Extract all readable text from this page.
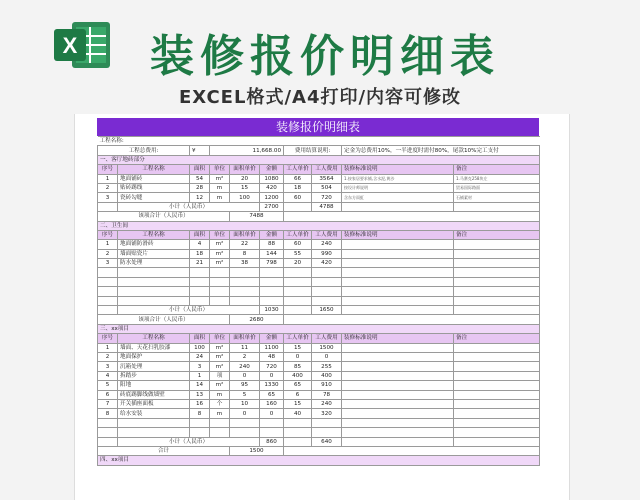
X 装修报价明细表
EXCEL格式/A4打印/内容可修改
装修报价明细表
工程名称:									
工程总费用:		¥	11,668.00			费用结算说明:		定金为总费用10%，一半进度时需付80%，尾款10%完工支付	
一、客厅地砖部分									
序号	工程名称	面积	单位	面积单价	金额	工人单价	工人费用	装修标准说明	备注
1	地面铺砖	54	m²	20	1080	66	3564	1.按家居要求铺,含水泥,黄沙	1.马赛克258块左
2	贴砖踢线	28	m	15	420	18	504	按设计师说明	贸易国际路面
3	瓷砖勾缝	12	m	100	1200	60	720	含东方雨虹	石铺素材
	小计（人民币）				2700		4788		
该项合计（人民币）				7488					
二、卫生间									
序号	工程名称	面积	单位	面积单价	金额	工人单价	工人费用	装修标准说明	备注
1	地面铺防滑砖	4	m²	22	88	60	240		
2	墙面贴瓷片	18	m²	8	144	55	990		
3	防水处理	21	m²	38	798	20	420		

	小计（人民币）				1030		1650		
该项合计（人民币）				2680					
三、xx项目									
序号	工程名称	面积	单位	面积单价	金额	工人单价	工人费用	装修标准说明	备注
1	墙面、天花扫乳胶漆	100	m²	11	1100	15	1500		
2	地面保护	24	m²	2	48	0	0		
3	沉箱处理	3	m²	240	720	85	255		
4	拆踏步	1	项	0	0	400	400		
5	阳地	14	m²	95	1330	65	910		
6	砖底踢脚线做墙壁	13	m	5	65	6	78		
7	开关插座面板	16	个	10	160	15	240		
8	给水安装	8	m	0	0	40	320		

	小计（人民币）				860		640		
合计				1500					
四、xx项目									
